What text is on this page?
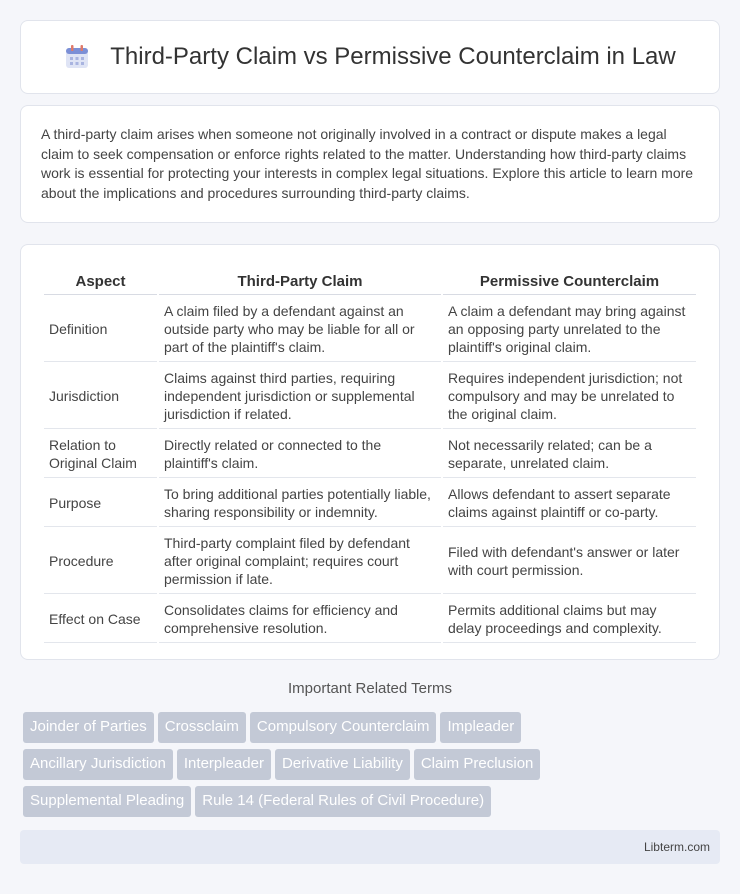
Third-Party Claim vs Permissive Counterclaim in Law

A third-party claim arises when someone not originally involved in a contract or dispute makes a legal claim to seek compensation or enforce rights related to the matter. Understanding how third-party claims work is essential for protecting your interests in complex legal situations. Explore this article to learn more about the implications and procedures surrounding third-party claims.

Aspect	Third-Party Claim	Permissive Counterclaim
Definition	A claim filed by a defendant against an outside party who may be liable for all or part of the plaintiff's claim.	A claim a defendant may bring against an opposing party unrelated to the plaintiff's original claim.
Jurisdiction	Claims against third parties, requiring independent jurisdiction or supplemental jurisdiction if related.	Requires independent jurisdiction; not compulsory and may be unrelated to the original claim.
Relation to Original Claim	Directly related or connected to the plaintiff's claim.	Not necessarily related; can be a separate, unrelated claim.
Purpose	To bring additional parties potentially liable, sharing responsibility or indemnity.	Allows defendant to assert separate claims against plaintiff or co-party.
Procedure	Third-party complaint filed by defendant after original complaint; requires court permission if late.	Filed with defendant's answer or later with court permission.
Effect on Case	Consolidates claims for efficiency and comprehensive resolution.	Permits additional claims but may delay proceedings and complexity.
Important Related Terms
Joinder of Parties Crossclaim Compulsory Counterclaim Impleader
Ancillary Jurisdiction Interpleader Derivative Liability Claim Preclusion
Supplemental Pleading Rule 14 (Federal Rules of Civil Procedure)
Libterm.com
